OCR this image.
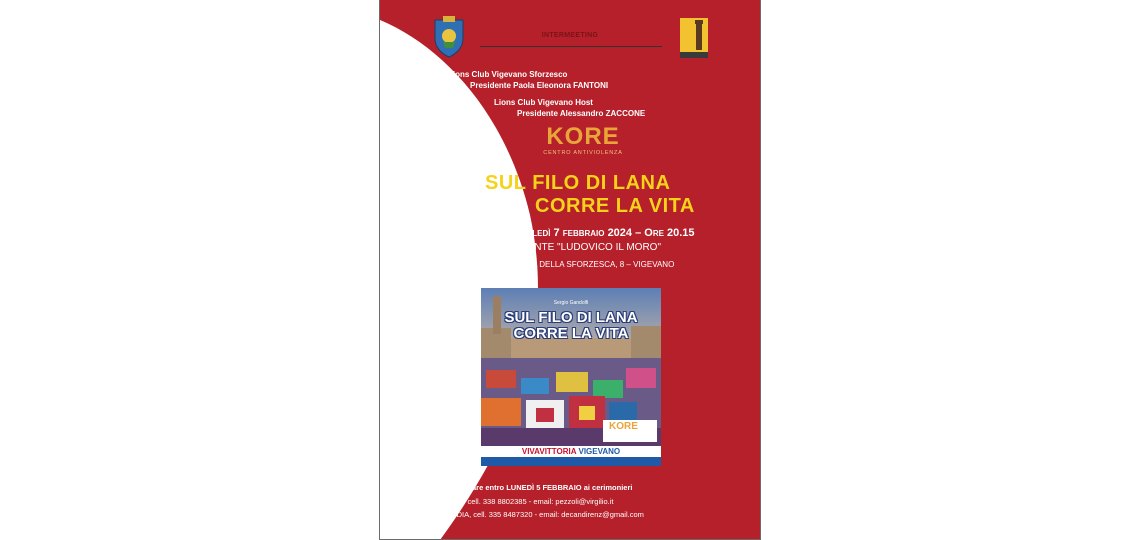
INTERMEETING
Lions Club Vigevano Sforzesco
Presidente Paola Eleonora FANTONI
Lions Club Vigevano Host
Presidente Alessandro ZACCONE
KORE
CENTRO ANTIVIOLENZA
SUL FILO DI LANA
CORRE LA VITA
Mercoledì 7 febbraio 2024 – Ore 20.15
RISTORANTE "LUDOVICO IL MORO"
VIA BATTAGLIA DELLA SFORZESCA, 8 – VIGEVANO
Sergio Gandolfi
SUL FILO DI LANA
CORRE LA VITA
KORE
VIVAVITTORIA VIGEVANO
Si prega di confermare entro LUNEDÌ 5 FEBBRAIO ai cerimonieri
Luisella PEZZOLI - cell. 338 8802385 - email: pezzoli@virgilio.it
Renato DE CANDIA, cell. 335 8487320 - email: decandirenz@gmail.com
